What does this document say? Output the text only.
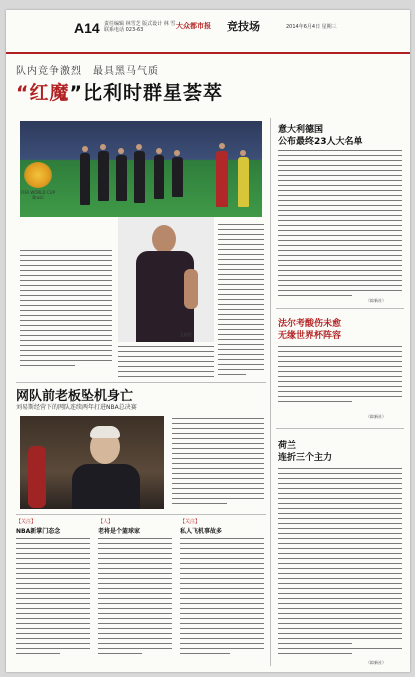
A14 责任编辑 林雪芝 版式设计 林 雪
联系电话 023-63	大众都市报 竞技场	2014年6月4日 星期三
队内竞争激烈　最具黑马气质
“红魔”比利时群星荟萃
FIFA WORLD CUP Brasil
孔帕尼
网队前老板坠机身亡
刘易斯经营下的网队连续两年打进NBA总决赛
【关注】
NBA新掌门态念
【人】
老将是个篮球家
【关注】
私人飞机事故多
意大利德国
公布最终23人大名单
（綜新社）
法尔考酸伤未愈
无缘世界杯阵容
（綜新社）
荷兰
连折三个主力
（綜新社）
